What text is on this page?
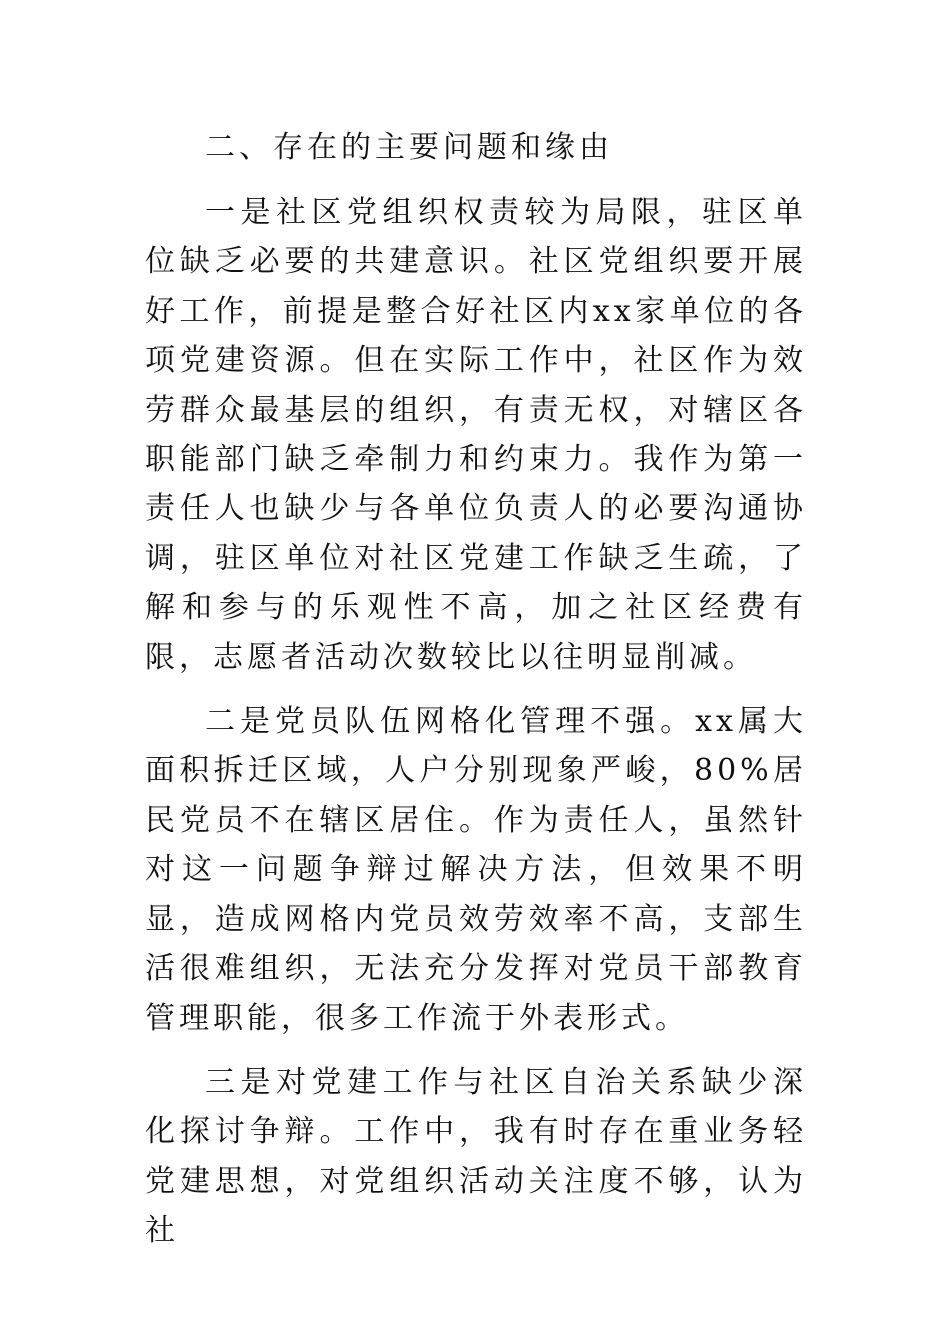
二、存在的主要问题和缘由

一是社区党组织权责较为局限，驻区单位缺乏必要的共建意识。社区党组织要开展好工作，前提是整合好社区内xx家单位的各项党建资源。但在实际工作中，社区作为效劳群众最基层的组织，有责无权，对辖区各职能部门缺乏牵制力和约束力。我作为第一责任人也缺少与各单位负责人的必要沟通协调，驻区单位对社区党建工作缺乏生疏，了解和参与的乐观性不高，加之社区经费有限，志愿者活动次数较比以往明显削减。

二是党员队伍网格化管理不强。xx属大面积拆迁区域，人户分别现象严峻，80%居民党员不在辖区居住。作为责任人，虽然针对这一问题争辩过解决方法，但效果不明显，造成网格内党员效劳效率不高，支部生活很难组织，无法充分发挥对党员干部教育管理职能，很多工作流于外表形式。

三是对党建工作与社区自治关系缺少深化探讨争辩。工作中，我有时存在重业务轻党建思想，对党组织活动关注度不够，认为社
